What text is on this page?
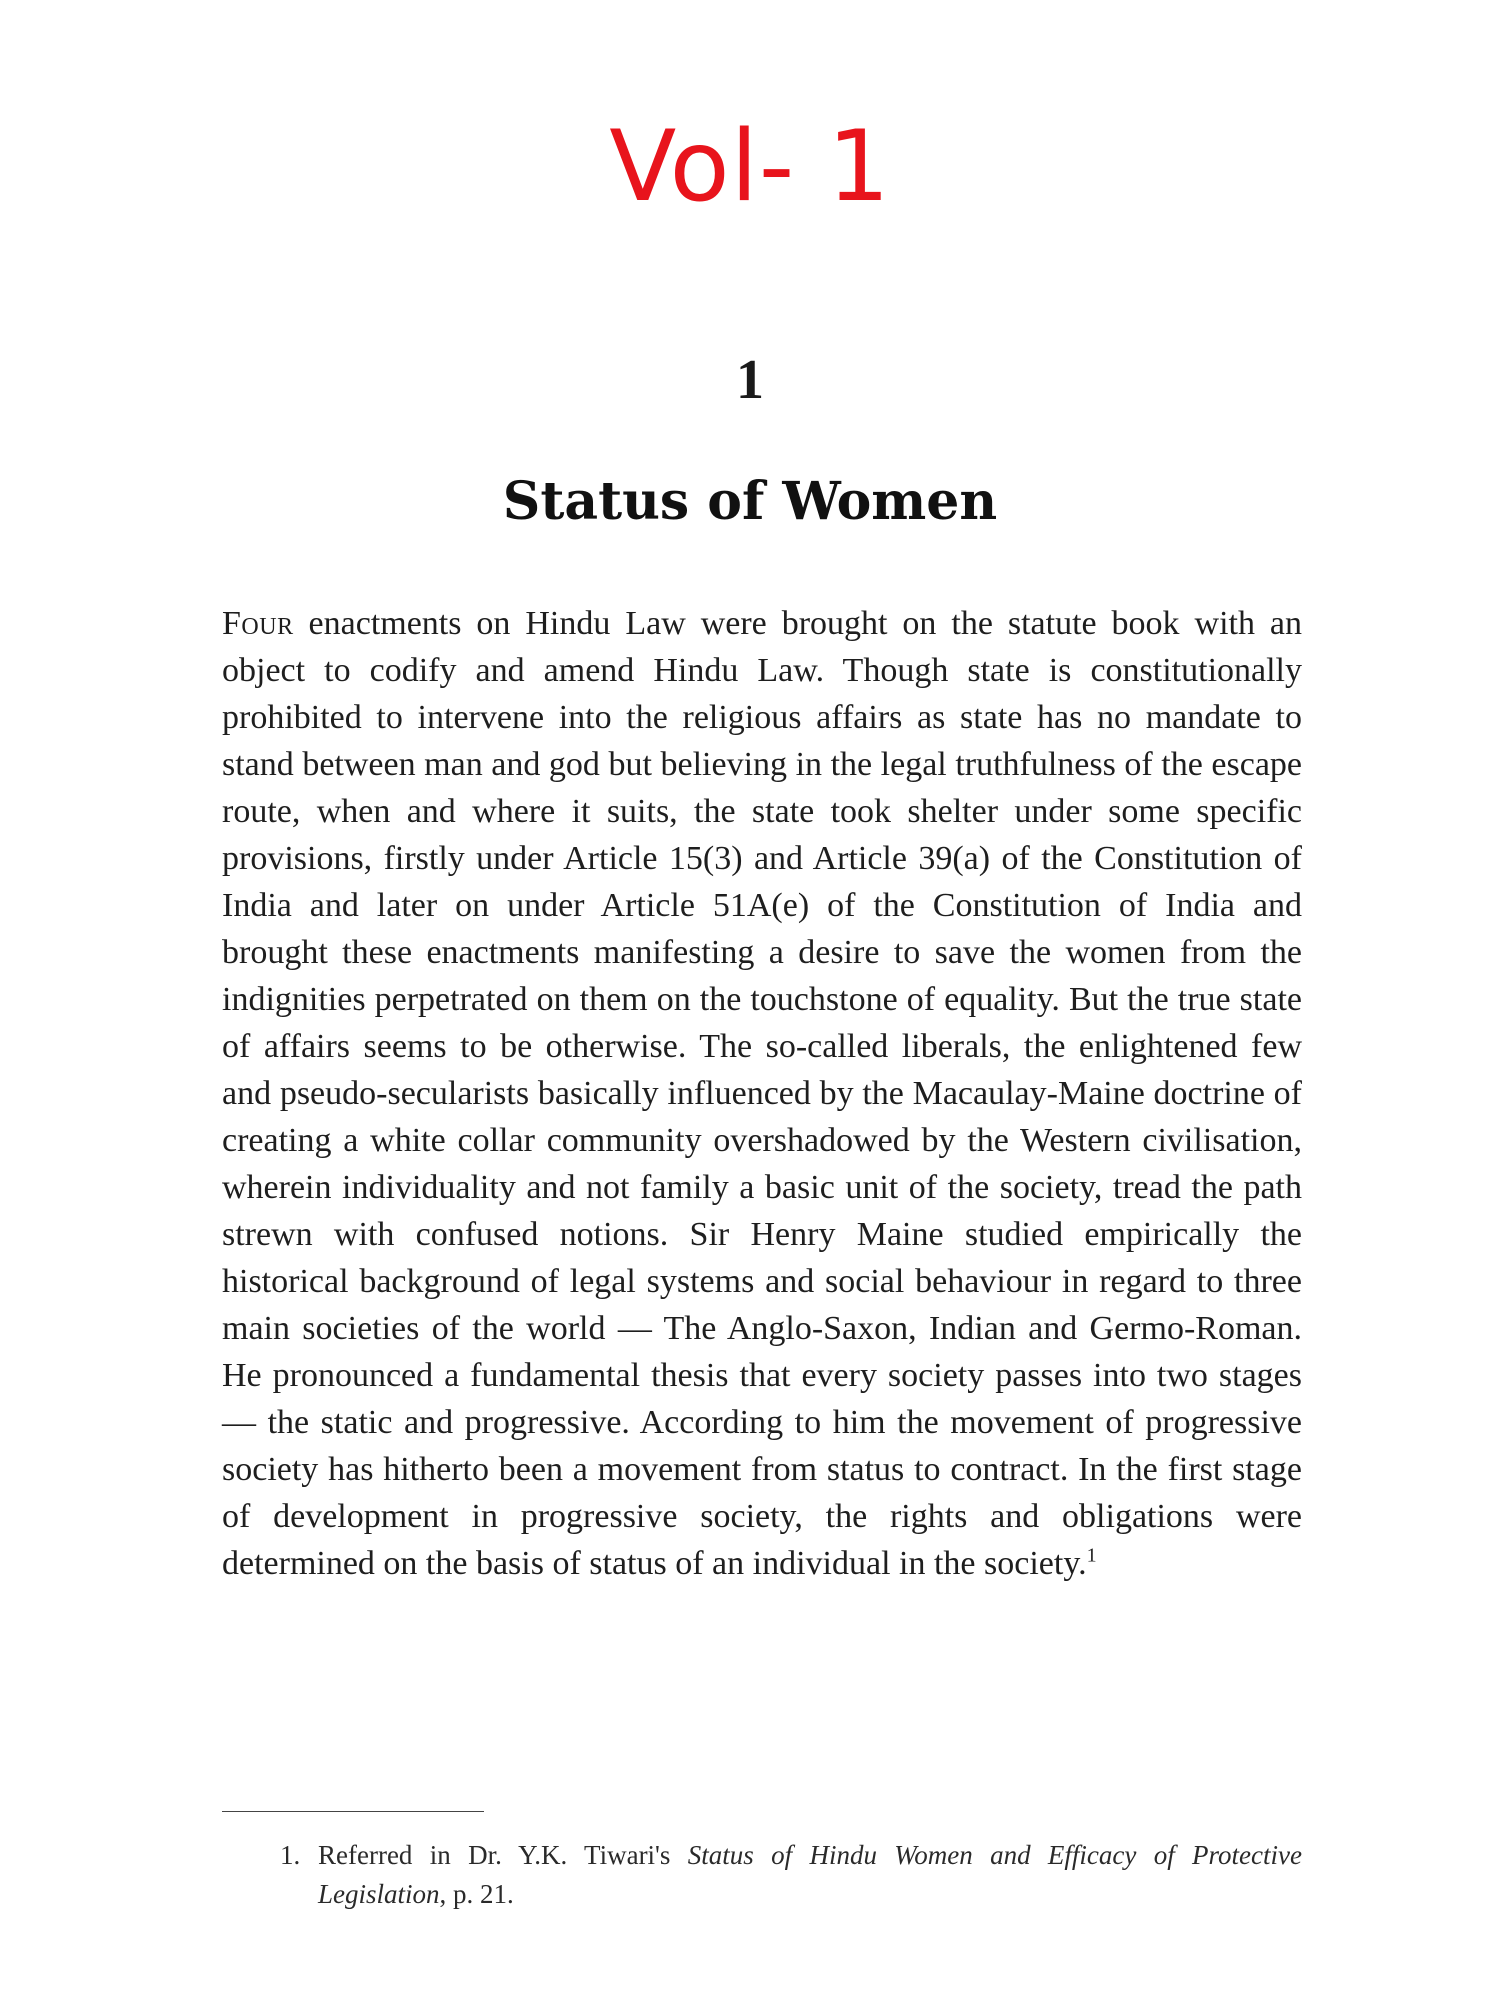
Vol- 1
1
Status of Women

Four enactments on Hindu Law were brought on the statute book with an object to codify and amend Hindu Law. Though state is constitutionally prohibited to intervene into the religious affairs as state has no mandate to stand between man and god but believing in the legal truthfulness of the escape route, when and where it suits, the state took shelter under some specific provisions, firstly under Article 15(3) and Article 39(a) of the Constitution of India and later on under Article 51A(e) of the Constitution of India and brought these enactments manifesting a desire to save the women from the indignities perpetrated on them on the touchstone of equality. But the true state of affairs seems to be otherwise. The so-called liberals, the enlightened few and pseudo-secularists basically influenced by the Macaulay-Maine doctrine of creating a white collar community overshadowed by the Western civilisation, wherein individuality and not family a basic unit of the society, tread the path strewn with confused notions. Sir Henry Maine studied empirically the historical background of legal systems and social behaviour in regard to three main societies of the world — The Anglo-Saxon, Indian and Germo-Roman. He pronounced a fundamental thesis that every society passes into two stages — the static and progressive. According to him the movement of progressive society has hitherto been a movement from status to contract. In the first stage of development in progressive society, the rights and obligations were determined on the basis of status of an individual in the society.$^1$

1. Referred in Dr. Y.K. Tiwari's Status of Hindu Women and Efficacy of Protective Legislation, p. 21.
